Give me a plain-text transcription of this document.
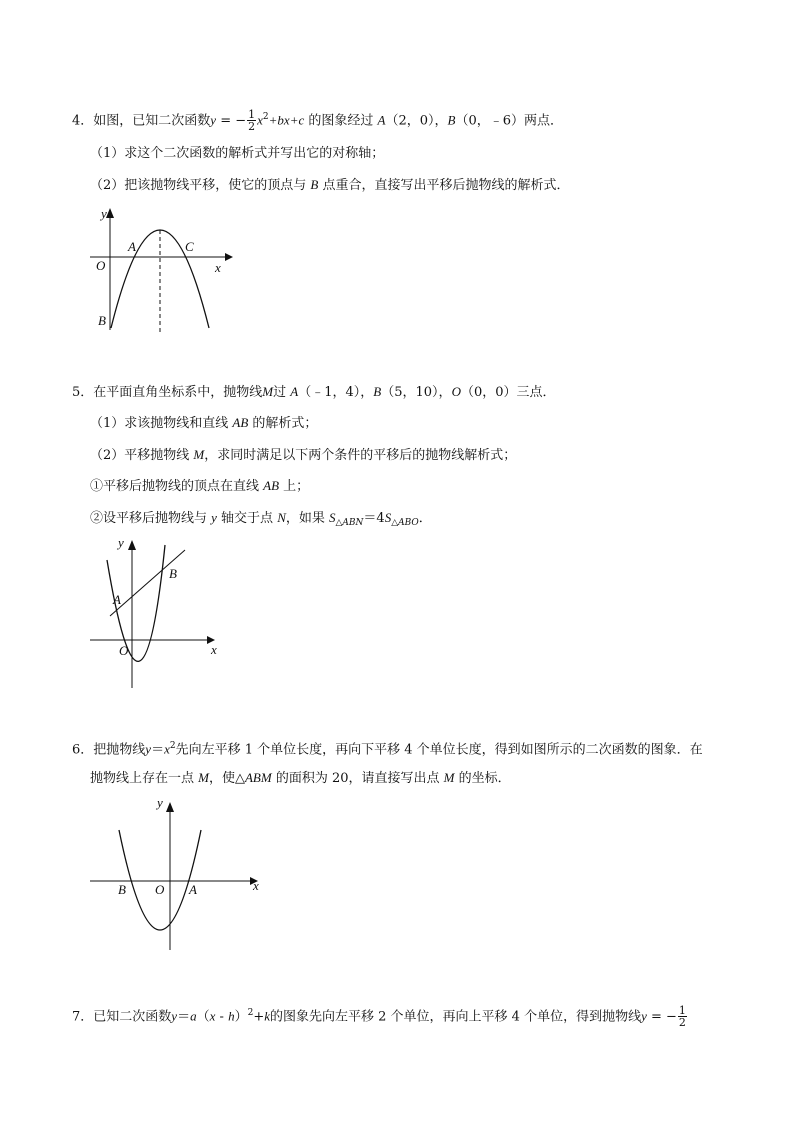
4．如图，已知二次函数y = − $\frac{1}{2} x^2+bx+c$ 的图象经过 A（2，0），B（0，﹣6）两点．
（1）求这个二次函数的解析式并写出它的对称轴；
（2）把该抛物线平移，使它的顶点与 B 点重合，直接写出平移后抛物线的解析式．
y
x
O
A	C
B
5．在平面直角坐标系中，抛物线M过 A（﹣1，4），B（5，10），O（0，0）三点．
（1）求该抛物线和直线 AB 的解析式；
（2）平移抛物线 M，求同时满足以下两个条件的平移后的抛物线解析式；
①平移后抛物线的顶点在直线 AB 上；
②设平移后抛物线与 y 轴交于点 N，如果 $S_{\triangle ABN}=4S_{\triangle ABO}$．
y
x
O
A
B
6．把抛物线$y=x^2$先向左平移 1 个单位长度，再向下平移 4 个单位长度，得到如图所示的二次函数的图象．在
抛物线上存在一点 M，使△ABM 的面积为 20，请直接写出点 M 的坐标．
y
x
O
B	A
7．已知二次函数y＝a（x - h）$^2$+k的图象先向左平移 2 个单位，再向上平移 4 个单位，得到抛物线y = − $\frac{1}{2}$
